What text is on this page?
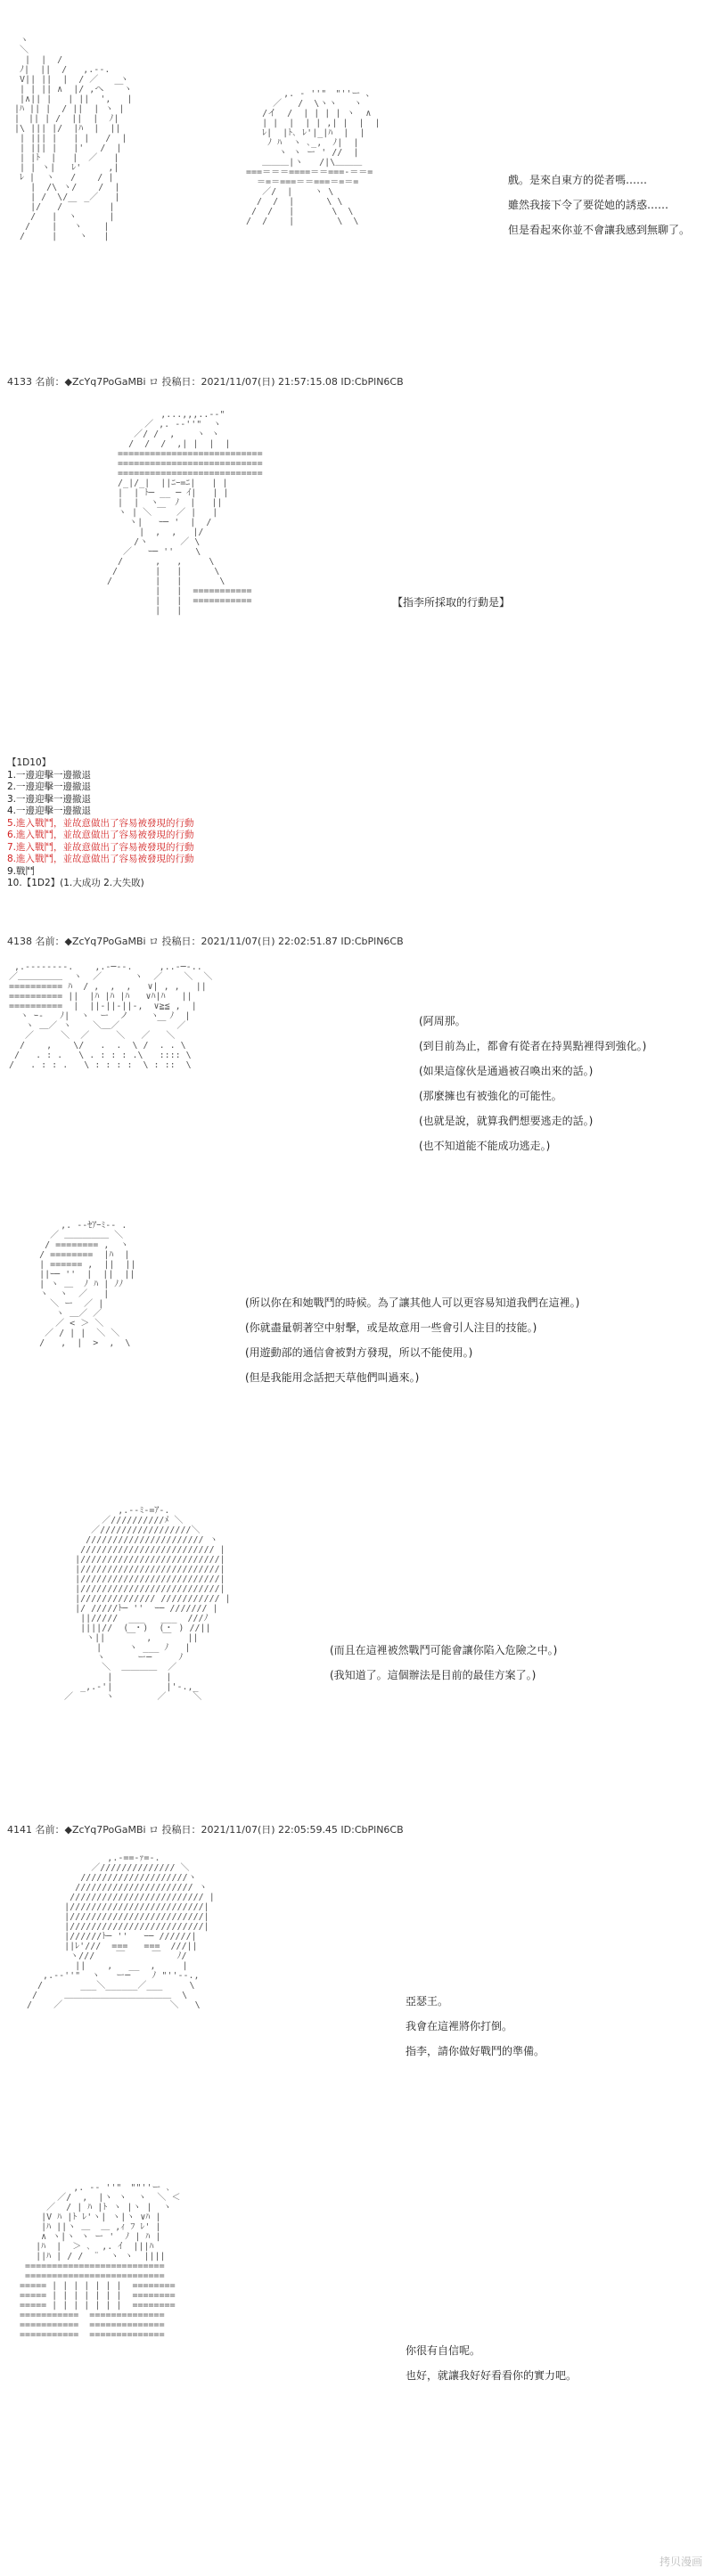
ヽ
＼
|  |  /
ﾉ|  ||  /   ,.--.
V|| ||  |  / ／    ヽ
| | || ∧  |/ ,へ  ￣ヽ
|∧|| |   | ||  ',   |
|ﾊ || |  / ||  | ヽ |
|　|| | /  ||  |  ﾉ|
|\ ||| |/  |ﾊ  |  ||
| ||| |   | |   /  |
| ||| |   |'   /  |
| |ﾄ  |   |  ／   |
| | ヽ|   ﾚ'     ,|
ﾚ |  ヽ   /    / |
|  /\ ヽ/    /  |
| /  \/   _／   |
|/   / ￣      |
/   |  ヽ      |
/    |   ヽ    |
/     |    ヽ   |

,. ‐ ''"￣"''ー 、
／   /  \ヽヽ   ヽ
/イ  /  | | | | ヽ  ∧
| |  |  | | ,| |  |  |
ﾚ|  |ﾄ､ ﾚ'|_|ﾊ  |  |
ﾉ ﾊ  ヽ ､_,  ﾉ|  |
ヽ ヽ ー ' //  |
＿＿＿|ヽ   /|\＿＿＿
===＝＝＝====＝＝===-＝＝=
＝=＝===＝＝===＝=＝=
／/  |    ヽ \
/  /  |      \ \
/  /   |       \  \
/  /    |        \  \

戲。是來自東方的從者嗎……
雖然我接下令了要從她的誘惑……
但是看起來你並不會讓我感到無聊了。
4133 名前：◆ZcYq7PoGaMBi ロ 投稿日：2021/11/07(日) 21:57:15.08 ID:CbPlN6CB
,...,,,..-‐"
／ ,. -‐''"  ヽ
／/ /  ,    ヽ ヽ
/  /  /  ,| |  |  |
===========================
===========================
===========================
/_|/_|  ||ﾆｰ=ﾆ|   | |
|  | ﾄ─ __ ─ ｲ|   | |
|  |  ヽ   ﾉ  |   ||
ヽ | ＼ ￣  ／ |   |
ヽ|   ｰ─ '  |  /
|  ,  ,   |/
/ヽ      ／ \
／   ｰ─ ''    \
/      ,   ,     \
/       |   |      \
/        |   |       \
|   |  ===========
|   |  ===========
|   |

【指李所採取的行動是】
【1D10】
1.一邊迎擊一邊撤退
2.一邊迎擊一邊撤退
3.一邊迎擊一邊撤退
4.一邊迎擊一邊撤退
5.進入戰鬥，並故意做出了容易被發現的行動
6.進入戰鬥，並故意做出了容易被發現的行動
7.進入戰鬥，並故意做出了容易被發現的行動
8.進入戰鬥，並故意做出了容易被發現的行動
9.戰鬥
10.【1D2】(1.大成功 2.大失敗)
4138 名前：◆ZcYq7PoGaMBi ロ 投稿日：2021/11/07(日) 22:02:51.87 ID:CbPlN6CB
,.--‐‐‐‐--.    ,.-─--.     ,..-─-..
／＿＿＿＿＿  ヽ  ／      ヽ  ／    ＼  ＼
========== ﾊ  / ,  ,  ,   ∨| , ,   ||
========== ||  |ﾊ |ﾊ |ﾊ   ∨ﾊ|ﾊ   ||
==========  |  ||-||-||-,  ∨≧≦ ,  |
ヽ ｰ-   ﾉ|  ヽ  ー  ノ    ヽ  ﾉ  |
ヽ ＿／ ヽ    ＼＿／       ￣  ／
／     ＼  ／     ＼   ／   ＼
/    ,    \/   .  .  \ /  . . \
/   . : .   \ . : : : .\   :::: \
/   . : : .   \ : : : :  \ : ::  \

(阿周那。
(到目前為止，都會有從者在持異點裡得到強化。)
(如果這傢伙是通過被召喚出來的話。)
(那麼擁也有被強化的可能性。
(也就是說，就算我們想要逃走的話。)
(也不知道能不能成功逃走。)
,. --ｾｱｰﾐ-- .
／ ＿＿＿＿＿ ＼
/ ======== ,  ヽ
/ ========  |ﾊ  |
| ====== ,  ||  ||
||ｰ─ ''  |  ||  ||
| ヽ ＿  ﾉ ﾊ | ﾉﾉ
ヽ  ヽ  ／   |
＼ ー  ／ |
ヽ ＿／ ／
／ < ＞ ＼
／ / | |  ＼ ＼
/   ,  |  >  ,  \

(所以你在和她戰鬥的時候。為了讓其他人可以更容易知道我們在這裡。)
(你就盡量朝著空中射擊，或是故意用一些會引人注目的技能。)
(用遊動部的通信會被對方發現，所以不能使用。)
(但是我能用念話把天草他們叫過來。)
,.-‐ﾐ-=ｱ-.
／//////////ﾒ ＼
／/////////////////＼
////////////////////// ヽ
///////////////////////// |
|//////////////////////////|
|//////////////////////////|
|//////////////////////////|
|//////////////////////////|
|////////////// /////////// |
|/ /////ﾄ─ ''  ｰ─ /////// |
||/////  ___   ___  ///ﾉ
||||//  ( ・)  (・ ) //||
ヽ||    ￣  ,  ￣   ||
|     ヽ ___ ﾉ   |
ヽ      ー─     ﾉ
＼  ＿＿＿＿  ／
|          |
_,.‐'|          |'‐.,_
／      ヽ        ／     ＼

(而且在這裡被然戰鬥可能會讓你陷入危險之中。)
(我知道了。這個辦法是目前的最佳方案了。)
4141 名前：◆ZcYq7PoGaMBi ロ 投稿日：2021/11/07(日) 22:05:59.45 ID:CbPlN6CB
,.-==-ｧ=-.
／////////////// ＼
////////////////////ヽ
////////////////////// ヽ
///////////////////////// |
|/////////////////////////|
|/////////////////////////|
|/////////////////////////|
|//////ﾄ─ ''   ｰ─ //////|
||ﾚ'///  ===   ===  ///||
ヽ///    ￣     ￣   ﾉ/
||    ,   __  ,     |
,.-‐''"  ヽ   ー─    ﾉ "''‐-.,
/       ___＼______／___     \
/     ＿＿＿＿＿＿＿＿＿＿＿＿  \
/    ／                    ＼   \	亞瑟王。
我會在這裡將你打倒。
指李，請你做好戰鬥的準備。
,. -‐ ''"￣""''ー ､
／/  ,  |ヽ ヽ  ヽ  ＼ ＜
／  / | ﾊ |ﾄ ヽ |ヽ |  ヽ
|V ﾊ |ﾄ ﾚ'ヽ| ヽ|ヽ ∨ﾊ |
|ﾊ ||ヽ ＿  ＿ ,ｨ ﾌ ﾚ' |
∧ ヽ|ヽ ヽ ー '  ﾉ | ﾊ |
|ﾊ  |  ＞ ､  ,. ｲ  |||ﾊ
||ﾊ | / /  ¨  ヽ ヽ  ||||
==========================
==========================
===== | | | | | | |  ========
===== | | | | | | |  ========
===== | | | | | | |  ========
===========  ==============
===========  ==============
===========  ==============

你很有自信呢。
也好，就讓我好好看看你的實力吧。
拷贝漫画
